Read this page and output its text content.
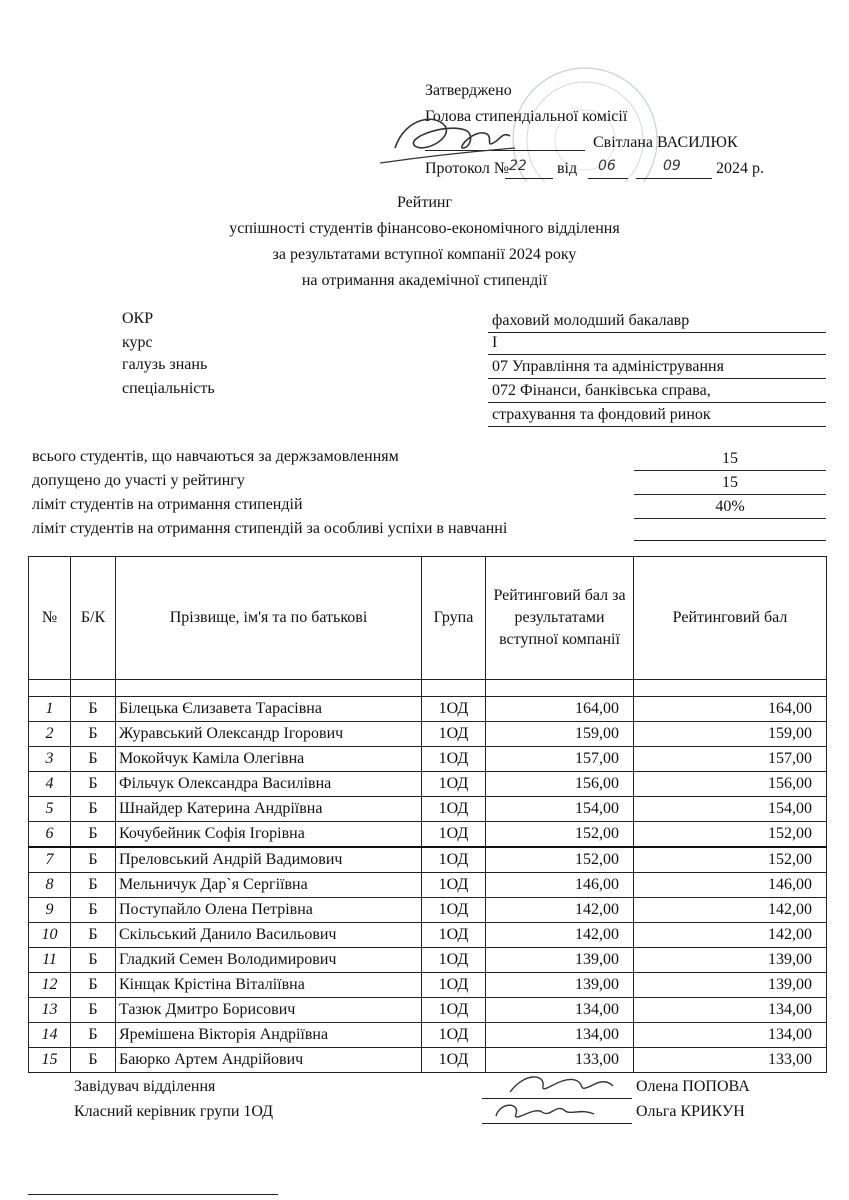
Затверджено
Голова стипендіальної комісії
Світлана ВАСИЛЮК
Протокол № 22 від 06	09 2024 р.
Рейтинг
успішності студентів фінансово-економічного відділення
за результатами вступної компанії 2024 року
на отримання академічної стипендії
ОКР	фаховий молодший бакалавр
курс	I
галузь знань	07 Управління та адміністрування
спеціальність	072 Фінанси, банківська справа,
страхування та фондовий ринок
всього студентів, що навчаються за держзамовленням	15
допущено до участі у рейтингу	15
ліміт студентів на отримання стипендій	40%
ліміт студентів на отримання стипендій за особливі успіхи в навчанні
№	Б/К	Прізвище, ім'я та по батькові	Група	Рейтинговий бал за результатами вступної компанії	Рейтинговий бал

1	Б	Білецька Єлизавета Тарасівна	1ОД	164,00	164,00
2	Б	Журавський Олександр Ігорович	1ОД	159,00	159,00
3	Б	Мокойчук Каміла Олегівна	1ОД	157,00	157,00
4	Б	Фільчук Олександра Василівна	1ОД	156,00	156,00
5	Б	Шнайдер Катерина Андріївна	1ОД	154,00	154,00
6	Б	Кочубейник Софія Ігорівна	1ОД	152,00	152,00
7	Б	Преловський Андрій Вадимович	1ОД	152,00	152,00
8	Б	Мельничук Дар`я Сергіївна	1ОД	146,00	146,00
9	Б	Поступайло Олена Петрівна	1ОД	142,00	142,00
10	Б	Скільський Данило Васильович	1ОД	142,00	142,00
11	Б	Гладкий Семен Володимирович	1ОД	139,00	139,00
12	Б	Кінщак Крістіна Віталіївна	1ОД	139,00	139,00
13	Б	Тазюк Дмитро Борисович	1ОД	134,00	134,00
14	Б	Яремішена Вікторія Андріївна	1ОД	134,00	134,00
15	Б	Баюрко Артем Андрійович	1ОД	133,00	133,00
Завідувач відділення	Олена ПОПОВА
Класний керівник групи 1ОД	Ольга КРИКУН
